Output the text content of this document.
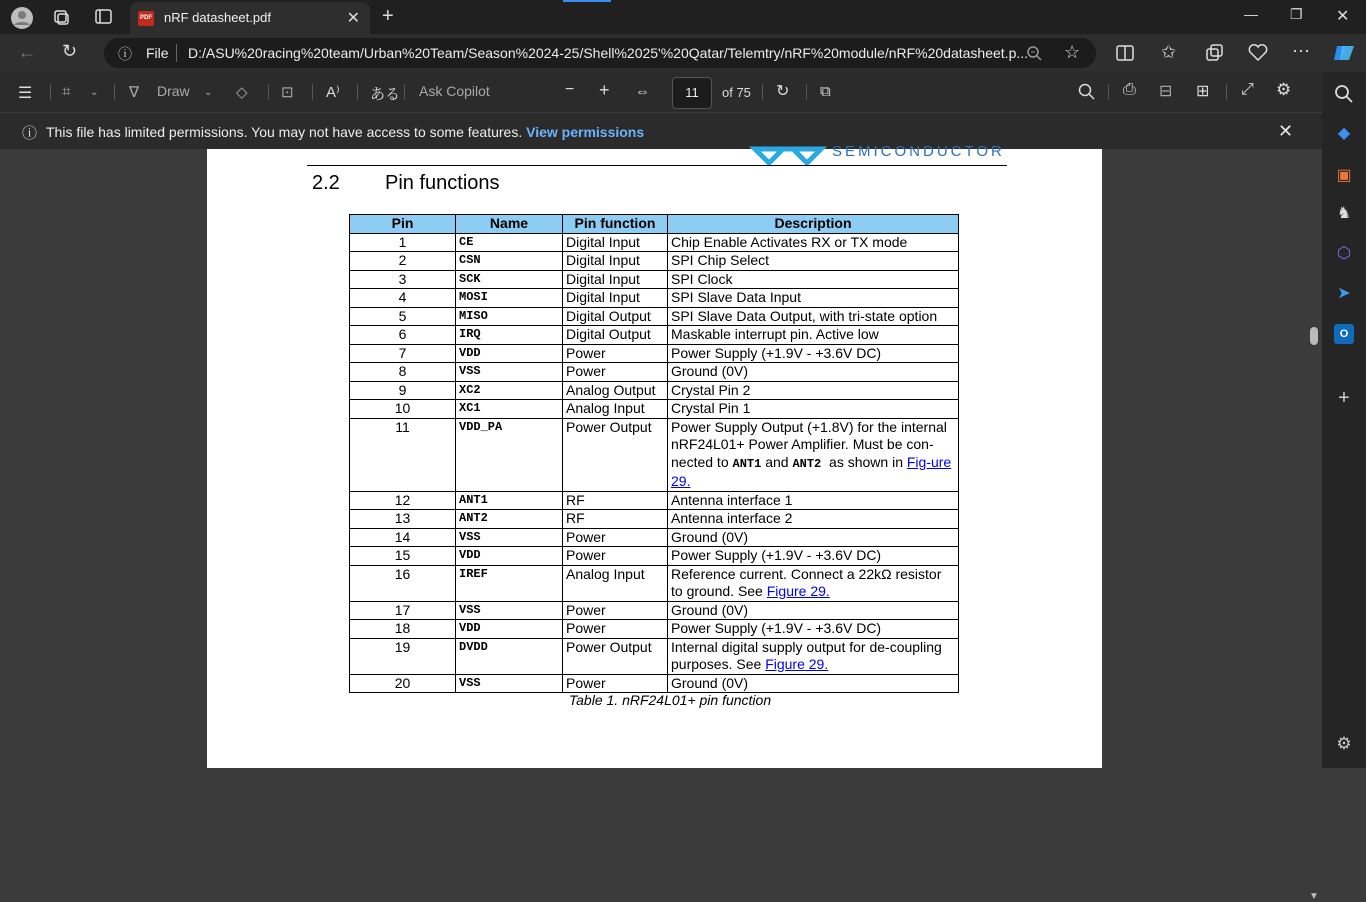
PDF nRF datasheet.pdf	✕ +	— ❐ ✕
← ↻	ⓘ File D:/ASU%20racing%20team/Urban%20Team/Season%2024-25/Shell%2025'%20Qatar/Telemtry/nRF%20module/nRF%20datasheet.p... ☆	✩	⋯
☰ ⌗ ⌄ ∇ Draw ⌄ ◇ ⊡ A⁾ ある Ask Copilot	− + ⇔	11	of 75 ↻ ⧉	⎙ ⊟ ⊞ ⤢ ⚙
ⓘ This file has limited permissions. You may not have access to some features. View permissions	✕	◆
▣
♞
⬡
➤
O
+
⚙
SEMICONDUCTOR
2.2 Pin functions
Pin	Name	Pin function	Description
1	CE	Digital Input	Chip Enable Activates RX or TX mode
2	CSN	Digital Input	SPI Chip Select
3	SCK	Digital Input	SPI Clock
4	MOSI	Digital Input	SPI Slave Data Input
5	MISO	Digital Output	SPI Slave Data Output, with tri-state option
6	IRQ	Digital Output	Maskable interrupt pin. Active low
7	VDD	Power	Power Supply (+1.9V - +3.6V DC)
8	VSS	Power	Ground (0V)
9	XC2	Analog Output	Crystal Pin 2
10	XC1	Analog Input	Crystal Pin 1
11	VDD_PA	Power Output	Power Supply Output (+1.8V) for the internal nRF24L01+ Power Amplifier. Must be con-nected to ANT1 and ANT2 as shown in Fig-ure 29.
12	ANT1	RF	Antenna interface 1
13	ANT2	RF	Antenna interface 2
14	VSS	Power	Ground (0V)
15	VDD	Power	Power Supply (+1.9V - +3.6V DC)
16	IREF	Analog Input	Reference current. Connect a 22kΩ resistor to ground. See Figure 29.
17	VSS	Power	Ground (0V)
18	VDD	Power	Power Supply (+1.9V - +3.6V DC)
19	DVDD	Power Output	Internal digital supply output for de-coupling purposes. See Figure 29.
20	VSS	Power	Ground (0V)
Table 1. nRF24L01+ pin function
▼
